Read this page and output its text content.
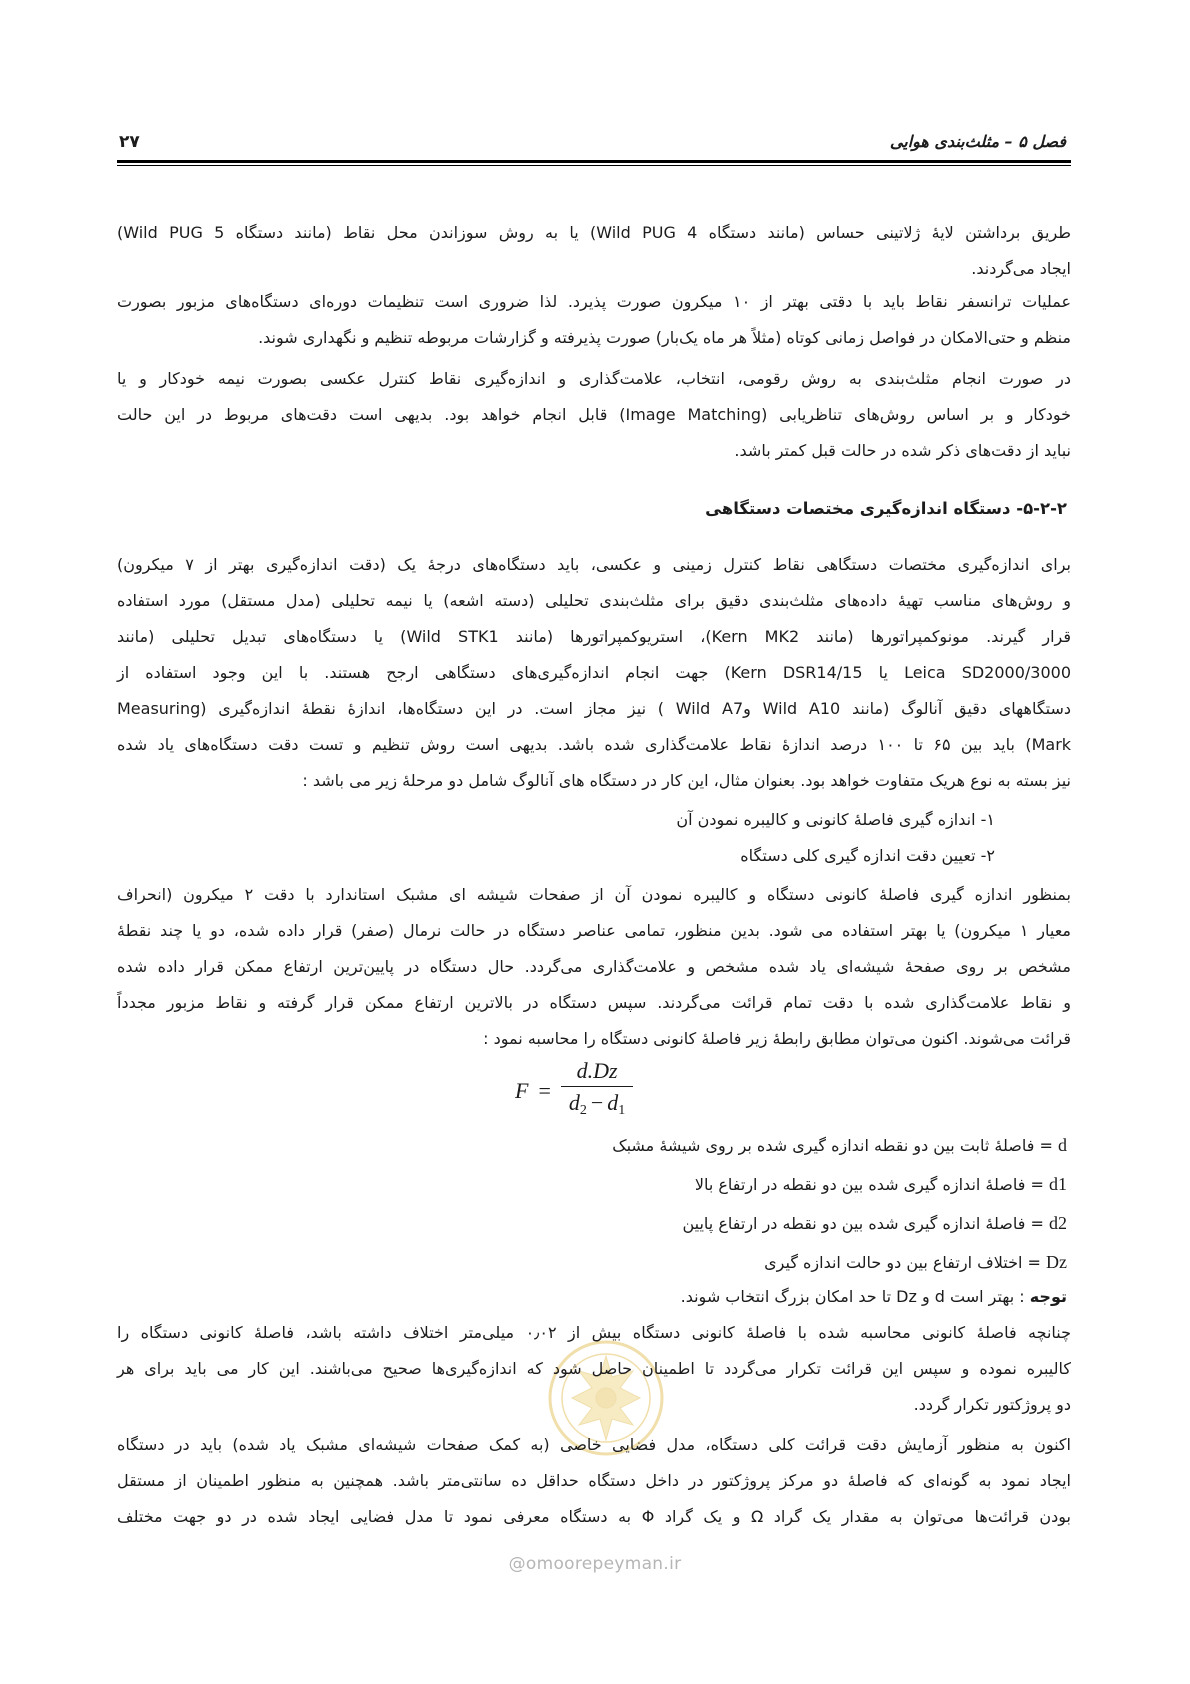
فصل ۵ – مثلث‌بندی هوایی
۲۷
طریق برداشتن لایهٔ ژلاتینی حساس (مانند دستگاه Wild PUG 4) یا به روش سوزاندن محل نقاط (مانند دستگاه Wild PUG 5)
ایجاد می‌گردند.
عملیات ترانسفر نقاط باید با دقتی بهتر از ۱۰ میکرون صورت پذیرد. لذا ضروری است تنظیمات دوره‌ای دستگاه‌های مزبور بصورت
منظم و حتی‌الامکان در فواصل زمانی کوتاه (مثلاً هر ماه یک‌بار) صورت پذیرفته و گزارشات مربوطه تنظیم و نگهداری شوند.
در صورت انجام مثلث‌بندی به روش رقومی، انتخاب، علامت‌گذاری و اندازه‌گیری نقاط کنترل عکسی بصورت نیمه خودکار و یا
خودکار و بر اساس روش‌های تناظریابی (Image Matching) قابل انجام خواهد بود. بدیهی است دقت‌های مربوط در این حالت
نباید از دقت‌های ذکر شده در حالت قبل کمتر باشد.
۵-۲-۲- دستگاه اندازه‌گیری مختصات دستگاهی
برای اندازه‌گیری مختصات دستگاهی نقاط کنترل زمینی و عکسی، باید دستگاه‌های درجهٔ یک (دقت اندازه‌گیری بهتر از ۷ میکرون)
و روش‌های مناسب تهیهٔ داده‌های مثلث‌بندی دقیق برای مثلث‌بندی تحلیلی (دسته اشعه) یا نیمه تحلیلی (مدل مستقل) مورد استفاده
قرار گیرند. مونوکمپراتورها (مانند Kern MK2)، استریوکمپراتورها (مانند Wild STK1) یا دستگاه‌های تبدیل تحلیلی (مانند
Leica SD2000/3000 یا Kern DSR14/15) جهت انجام اندازه‌گیری‌های دستگاهی ارجح هستند. با این وجود استفاده از
دستگاههای دقیق آنالوگ (مانند Wild A10 وWild A7 ) نیز مجاز است. در این دستگاه‌ها، اندازهٔ نقطهٔ اندازه‌گیری (Measuring
Mark) باید بین ۶۵ تا ۱۰۰ درصد اندازهٔ نقاط علامت‌گذاری شده باشد. بدیهی است روش تنظیم و تست دقت دستگاه‌های یاد شده
نیز بسته به نوع هریک متفاوت خواهد بود. بعنوان مثال، این کار در دستگاه های آنالوگ شامل دو مرحلهٔ زیر می باشد :
۱- اندازه گیری فاصلهٔ کانونی و کالیبره نمودن آن
۲- تعیین دقت اندازه گیری کلی دستگاه
بمنظور اندازه گیری فاصلهٔ کانونی دستگاه و کالیبره نمودن آن از صفحات شیشه ای مشبک استاندارد با دقت ۲ میکرون (انحراف
معیار ۱ میکرون) یا بهتر استفاده می شود. بدین منظور، تمامی عناصر دستگاه در حالت نرمال (صفر) قرار داده شده، دو یا چند نقطهٔ
مشخص بر روی صفحهٔ شیشه‌ای یاد شده مشخص و علامت‌گذاری می‌گردد. حال دستگاه در پایین‌ترین ارتفاع ممکن قرار داده شده
و نقاط علامت‌گذاری شده با دقت تمام قرائت می‌گردند. سپس دستگاه در بالاترین ارتفاع ممکن قرار گرفته و نقاط مزبور مجدداً
قرائت می‌شوند. اکنون می‌توان مطابق رابطهٔ زیر فاصلهٔ کانونی دستگاه را محاسبه نمود :
$F = \frac{d.Dz}{d_2 - d_1}$
d = فاصلهٔ ثابت بین دو نقطه اندازه گیری شده بر روی شیشهٔ مشبک
d1 = فاصلهٔ اندازه گیری شده بین دو نقطه در ارتفاع بالا
d2 = فاصلهٔ اندازه گیری شده بین دو نقطه در ارتفاع پایین
Dz = اختلاف ارتفاع بین دو حالت اندازه گیری
توجه : بهتر است d و Dz تا حد امکان بزرگ انتخاب شوند.
چنانچه فاصلهٔ کانونی محاسبه شده با فاصلهٔ کانونی دستگاه بیش از ۰٫۰۲ میلی‌متر اختلاف داشته باشد، فاصلهٔ کانونی دستگاه را
کالیبره نموده و سپس این قرائت تکرار می‌گردد تا اطمینان حاصل شود که اندازه‌گیری‌ها صحیح می‌باشند. این کار می باید برای هر
دو پروژکتور تکرار گردد.
اکنون به منظور آزمایش دقت قرائت کلی دستگاه، مدل فضایی خاصی (به کمک صفحات شیشه‌ای مشبک یاد شده) باید در دستگاه
ایجاد نمود به گونه‌ای که فاصلهٔ دو مرکز پروژکتور در داخل دستگاه حداقل ده سانتی‌متر باشد. همچنین به منظور اطمینان از مستقل
بودن قرائت‌ها می‌توان به مقدار یک گراد Ω و یک گراد Φ به دستگاه معرفی نمود تا مدل فضایی ایجاد شده در دو جهت مختلف
@omoorepeyman.ir
